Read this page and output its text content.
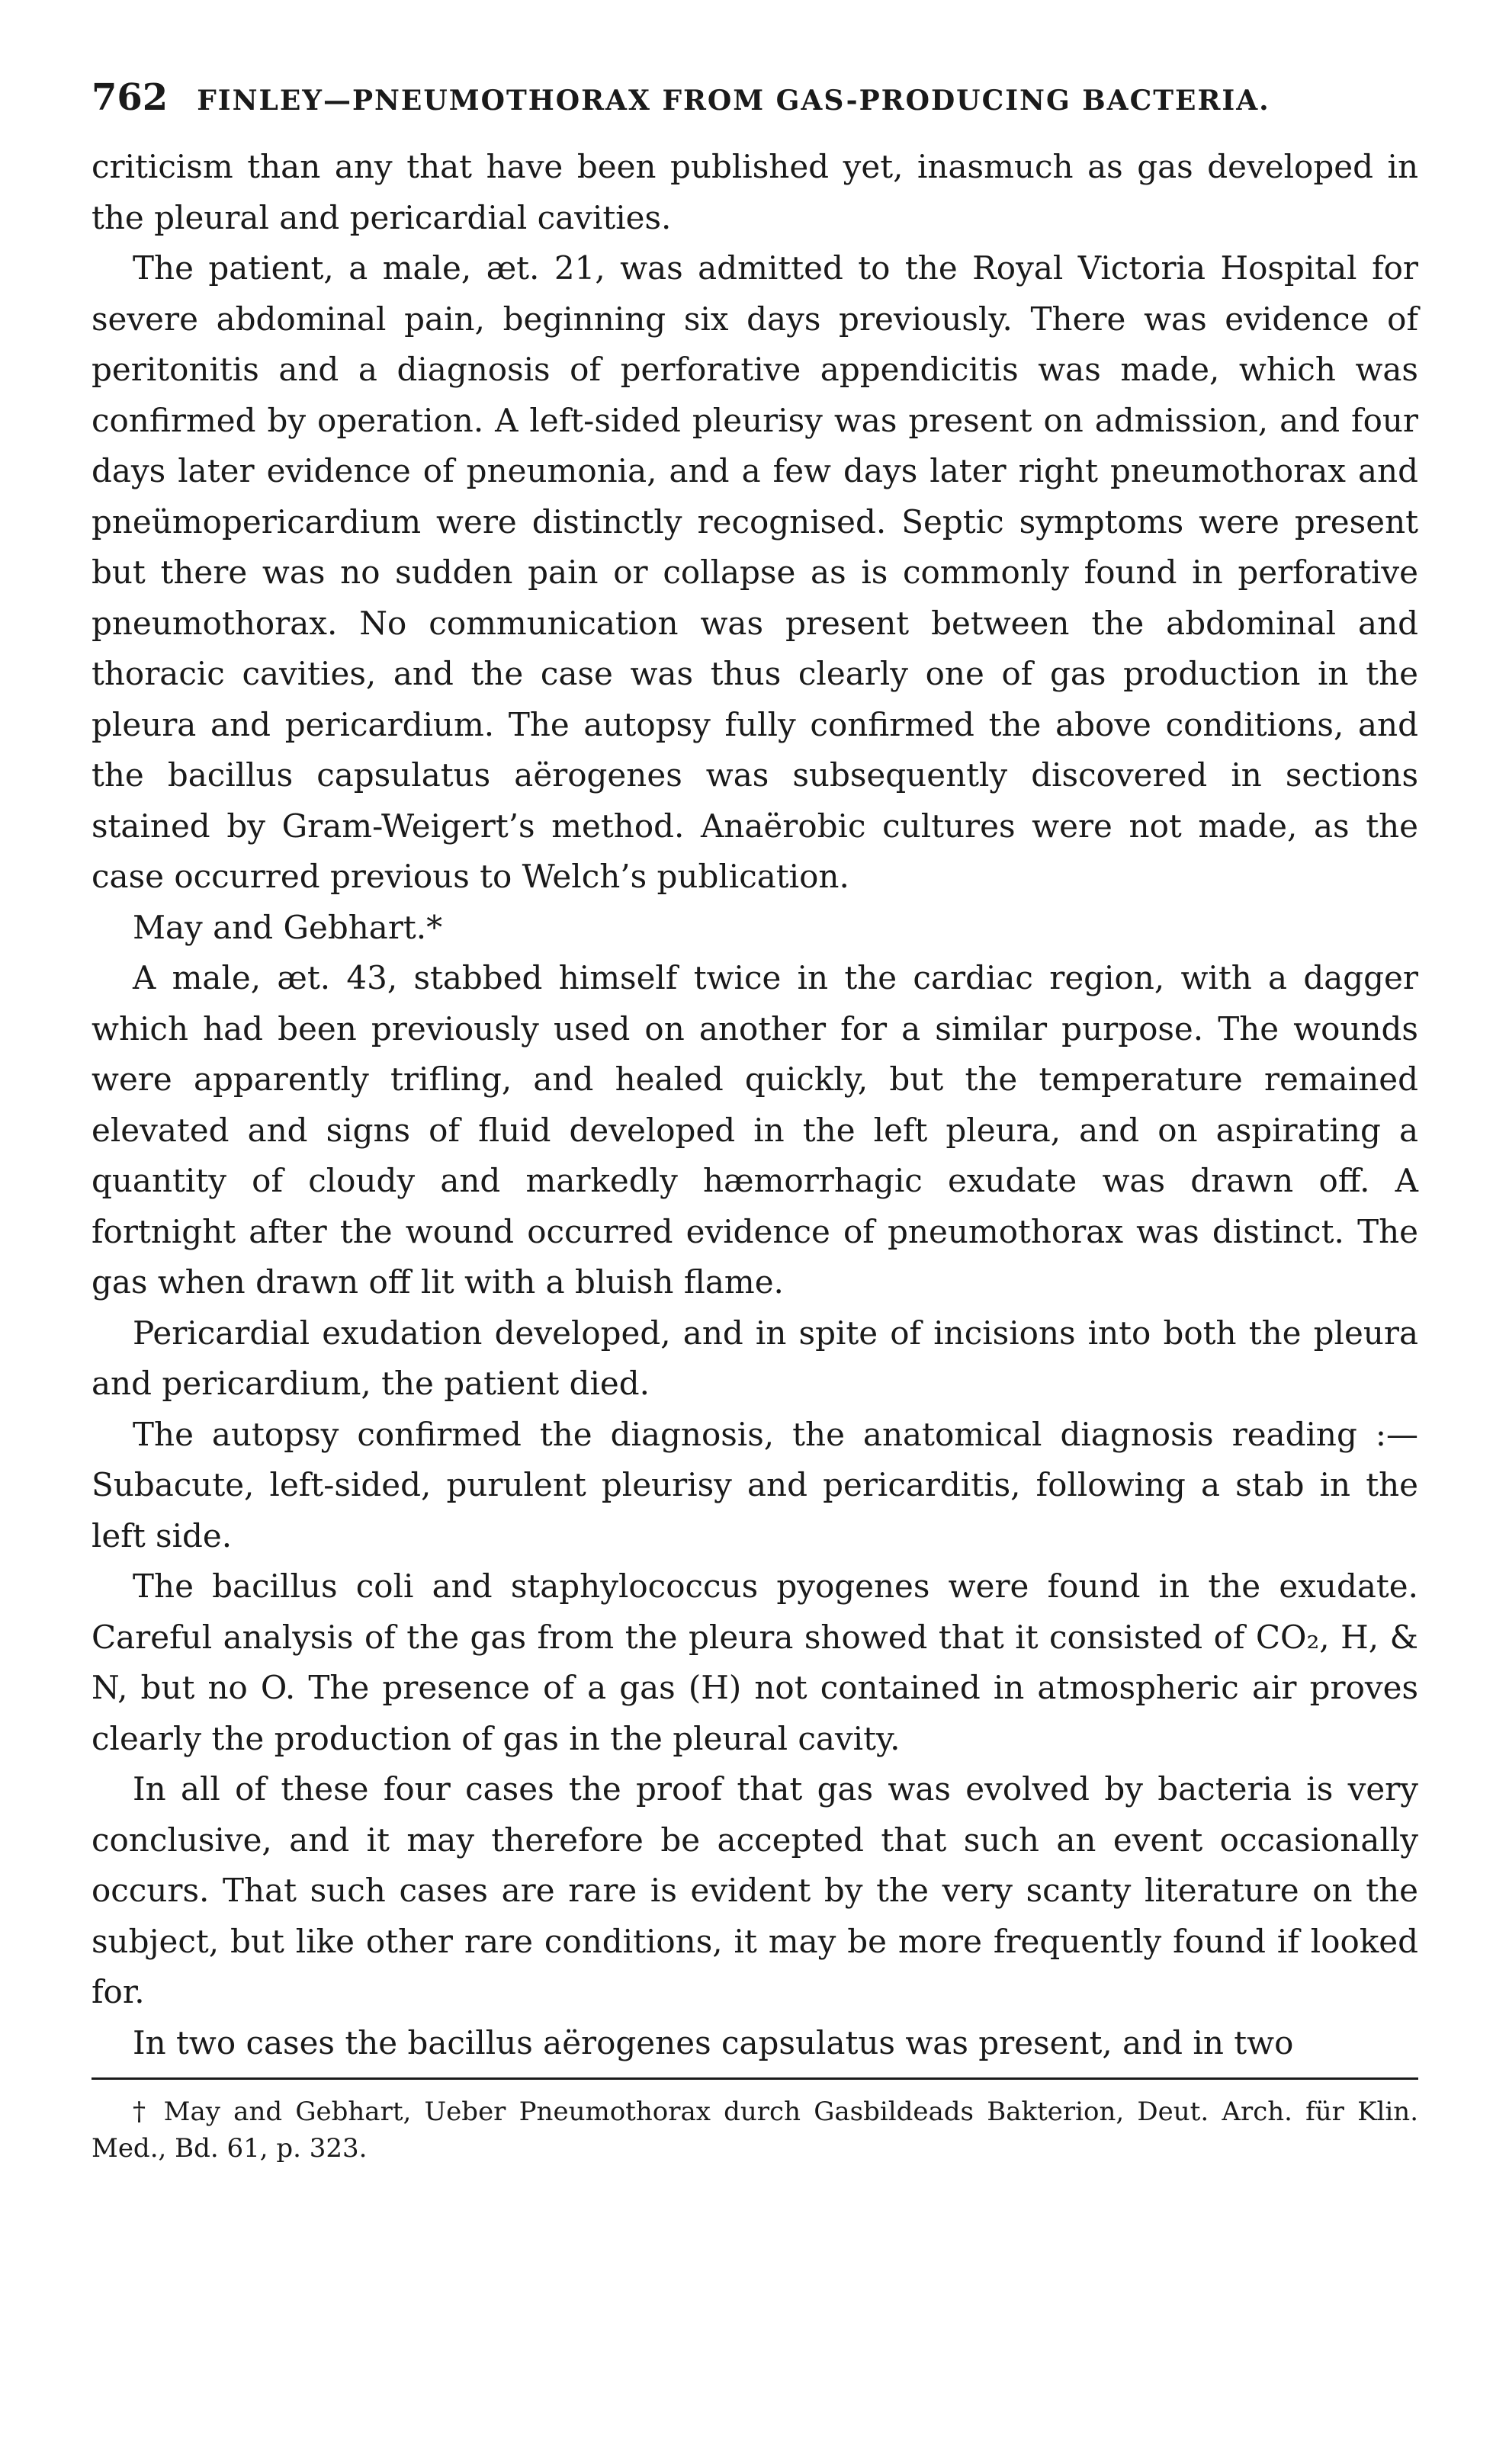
762 FINLEY—PNEUMOTHORAX FROM GAS-PRODUCING BACTERIA.

criticism than any that have been published yet, inasmuch as gas developed in the pleural and pericardial cavities.

The patient, a male, æt. 21, was admitted to the Royal Victoria Hospital for severe abdominal pain, beginning six days previously. There was evidence of peritonitis and a diagnosis of perforative appendicitis was made, which was confirmed by operation. A left-sided pleurisy was present on admission, and four days later evidence of pneumonia, and a few days later right pneumothorax and pneümopericardium were distinctly recognised. Septic symptoms were present but there was no sudden pain or collapse as is commonly found in perforative pneumothorax. No communication was present between the abdominal and thoracic cavities, and the case was thus clearly one of gas production in the pleura and pericardium. The autopsy fully confirmed the above conditions, and the bacillus capsulatus aërogenes was subsequently discovered in sections stained by Gram-Weigert’s method. Anaërobic cultures were not made, as the case occurred previous to Welch’s publication.

May and Gebhart.*

A male, æt. 43, stabbed himself twice in the cardiac region, with a dagger which had been previously used on another for a similar purpose. The wounds were apparently trifling, and healed quickly, but the temperature remained elevated and signs of fluid developed in the left pleura, and on aspirating a quantity of cloudy and markedly hæmorrhagic exudate was drawn off. A fortnight after the wound occurred evidence of pneumothorax was distinct. The gas when drawn off lit with a bluish flame.

Pericardial exudation developed, and in spite of incisions into both the pleura and pericardium, the patient died.

The autopsy confirmed the diagnosis, the anatomical diagnosis reading :—Subacute, left-sided, purulent pleurisy and pericarditis, following a stab in the left side.

The bacillus coli and staphylococcus pyogenes were found in the exudate. Careful analysis of the gas from the pleura showed that it consisted of CO₂, H, & N, but no O. The presence of a gas (H) not contained in atmospheric air proves clearly the production of gas in the pleural cavity.

In all of these four cases the proof that gas was evolved by bacteria is very conclusive, and it may therefore be accepted that such an event occasionally occurs. That such cases are rare is evident by the very scanty literature on the subject, but like other rare conditions, it may be more frequently found if looked for.

In two cases the bacillus aërogenes capsulatus was present, and in two

† May and Gebhart, Ueber Pneumothorax durch Gasbildeads Bakterion, Deut. Arch. für Klin. Med., Bd. 61, p. 323.
